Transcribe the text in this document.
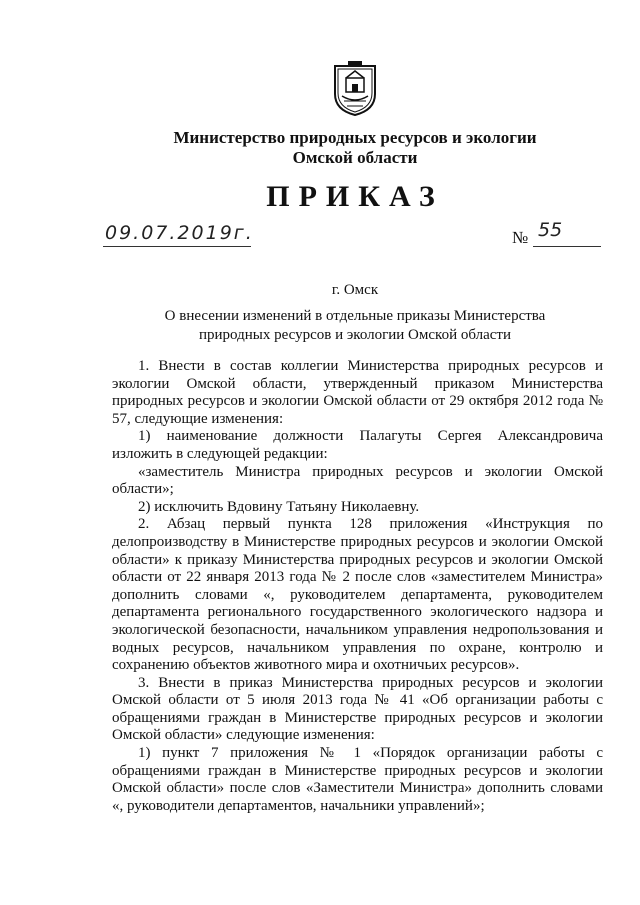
Министерство природных ресурсов и экологии
Омской области
ПРИКАЗ
09.07.2019г.	№ 55
г. Омск
О внесении изменений в отдельные приказы Министерства
природных ресурсов и экологии Омской области

1. Внести в состав коллегии Министерства природных ресурсов и экологии Омской области, утвержденный приказом Министерства природных ресурсов и экологии Омской области от 29 октября 2012 года № 57, следующие изменения:

1) наименование должности Палагуты Сергея Александровича изложить в следующей редакции:

«заместитель Министра природных ресурсов и экологии Омской области»;

2) исключить Вдовину Татьяну Николаевну.

2. Абзац первый пункта 128 приложения «Инструкция по делопроизводству в Министерстве природных ресурсов и экологии Омской области» к приказу Министерства природных ресурсов и экологии Омской области от 22 января 2013 года № 2 после слов «заместителем Министра» дополнить словами «, руководителем департамента, руководителем департамента регионального государственного экологического надзора и экологической безопасности, начальником управления недропользования и водных ресурсов, начальником управления по охране, контролю и сохранению объектов животного мира и охотничьих ресурсов».

3. Внести в приказ Министерства природных ресурсов и экологии Омской области от 5 июля 2013 года № 41 «Об организации работы с обращениями граждан в Министерстве природных ресурсов и экологии Омской области» следующие изменения:

1) пункт 7 приложения № 1 «Порядок организации работы с обращениями граждан в Министерстве природных ресурсов и экологии Омской области» после слов «Заместители Министра» дополнить словами «, руководители департаментов, начальники управлений»;
